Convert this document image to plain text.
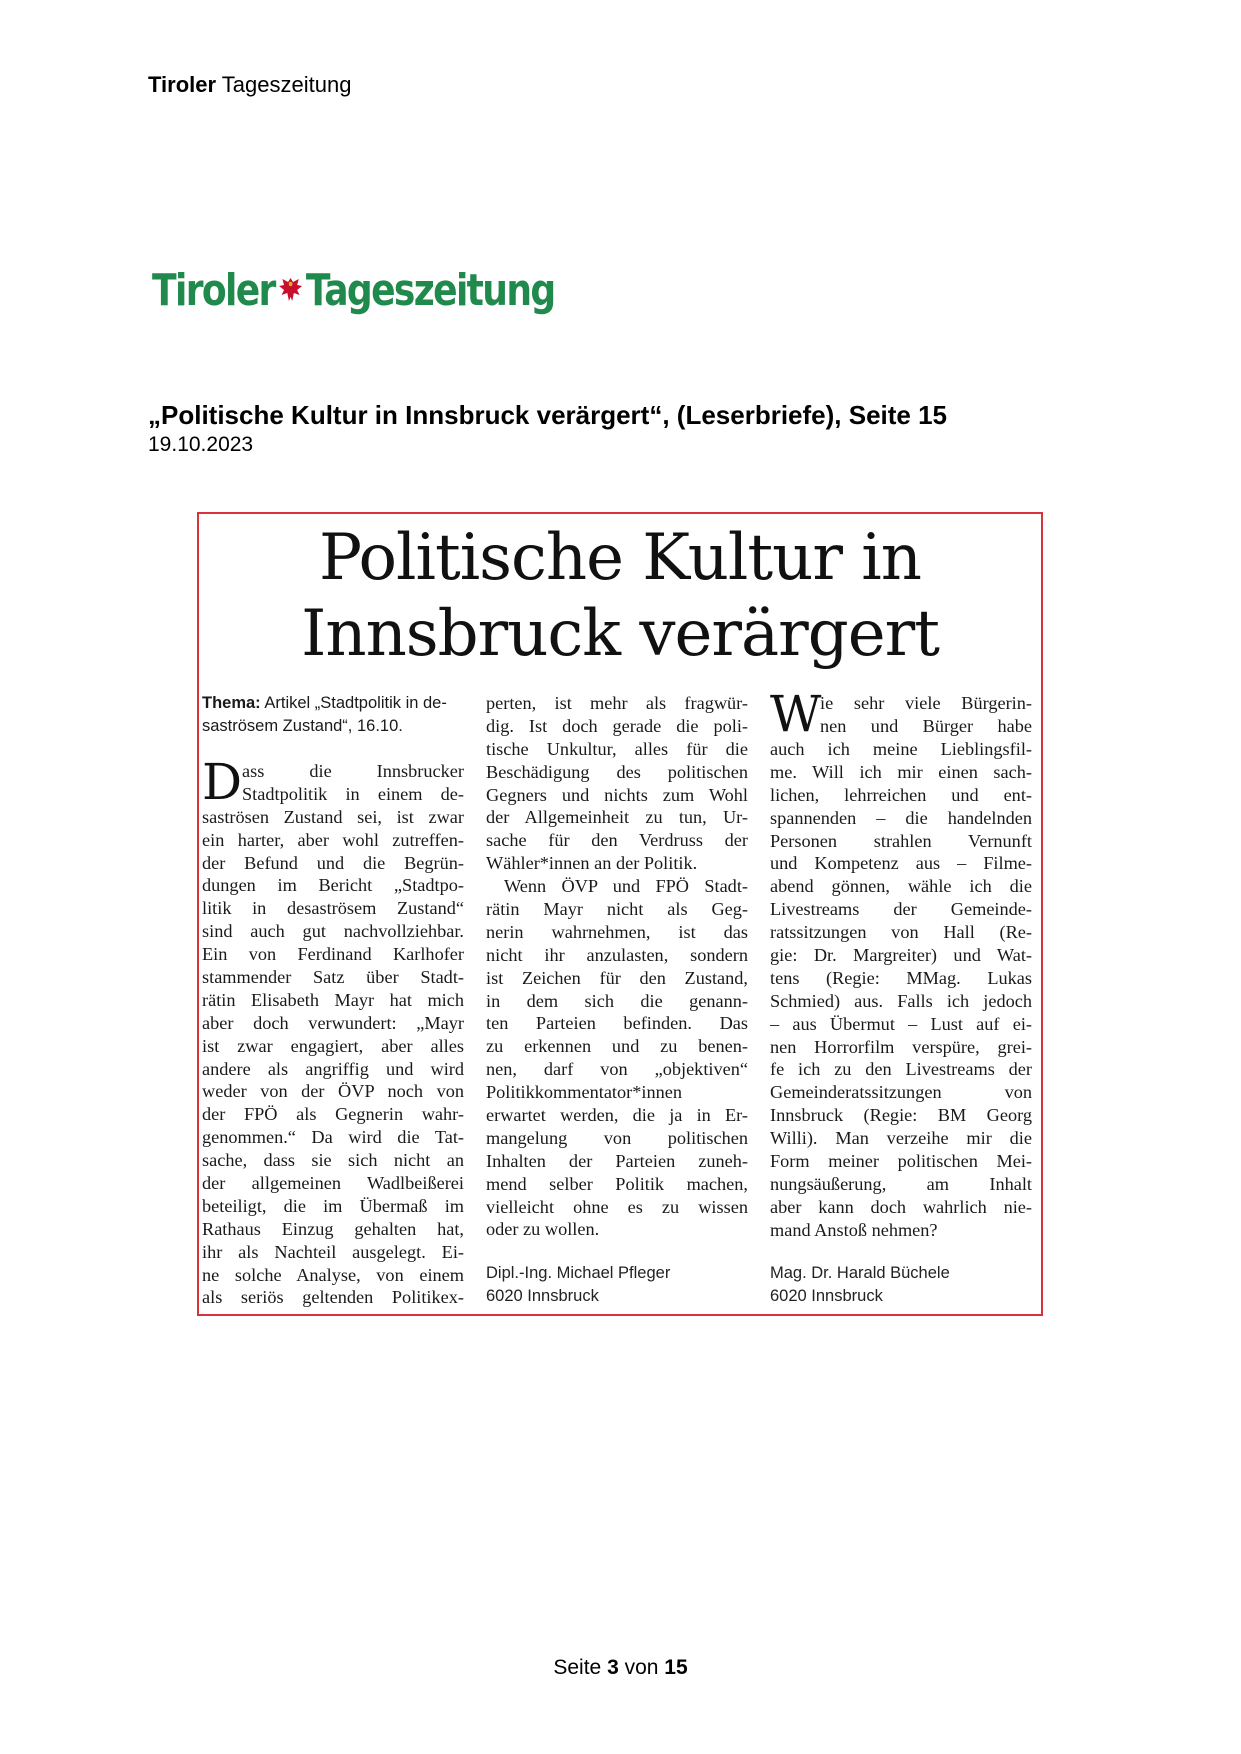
Tiroler Tageszeitung
Tiroler Tageszeitung
„Politische Kultur in Innsbruck verärgert“, (Leserbriefe), Seite 15
19.10.2023
Politische Kultur in
Innsbruck verärgert
Thema: Artikel „Stadtpolitik in de-
saströsem Zustand“, 16.10.
D ass die Innsbrucker
Stadtpolitik in einem de-
saströsen Zustand sei, ist zwar
ein harter, aber wohl zutreffen-
der Befund und die Begrün-
dungen im Bericht „Stadtpo-
litik in desaströsem Zustand“
sind auch gut nachvollziehbar.
Ein von Ferdinand Karlhofer
stammender Satz über Stadt-
rätin Elisabeth Mayr hat mich
aber doch verwundert: „Mayr
ist zwar engagiert, aber alles
andere als angriffig und wird
weder von der ÖVP noch von
der FPÖ als Gegnerin wahr-
genommen.“ Da wird die Tat-
sache, dass sie sich nicht an
der allgemeinen Wadlbeißerei
beteiligt, die im Übermaß im
Rathaus Einzug gehalten hat,
ihr als Nachteil ausgelegt. Ei-
ne solche Analyse, von einem
als seriös geltenden Politikex-
perten, ist mehr als fragwür-
dig. Ist doch gerade die poli-
tische Unkultur, alles für die
Beschädigung des politischen
Gegners und nichts zum Wohl
der Allgemeinheit zu tun, Ur-
sache für den Verdruss der
Wähler*innen an der Politik.
Wenn ÖVP und FPÖ Stadt-
rätin Mayr nicht als Geg-
nerin wahrnehmen, ist das
nicht ihr anzulasten, sondern
ist Zeichen für den Zustand,
in dem sich die genann-
ten Parteien befinden. Das
zu erkennen und zu benen-
nen, darf von „objektiven“
Politikkommentator*innen
erwartet werden, die ja in Er-
mangelung von politischen
Inhalten der Parteien zuneh-
mend selber Politik machen,
vielleicht ohne es zu wissen
oder zu wollen.
Dipl.-Ing. Michael Pfleger
6020 Innsbruck
W
ie sehr viele Bürgerin-
nen und Bürger habe
auch ich meine Lieblingsfil-
me. Will ich mir einen sach-
lichen, lehrreichen und ent-
spannenden – die handelnden
Personen strahlen Vernunft
und Kompetenz aus – Filme-
abend gönnen, wähle ich die
Livestreams der Gemeinde-
ratssitzungen von Hall (Re-
gie: Dr. Margreiter) und Wat-
tens (Regie: MMag. Lukas
Schmied) aus. Falls ich jedoch
– aus Übermut – Lust auf ei-
nen Horrorfilm verspüre, grei-
fe ich zu den Livestreams der
Gemeinderatssitzungen von
Innsbruck (Regie: BM Georg
Willi). Man verzeihe mir die
Form meiner politischen Mei-
nungsäußerung, am Inhalt
aber kann doch wahrlich nie-
mand Anstoß nehmen?
Mag. Dr. Harald Büchele
6020 Innsbruck
Seite 3 von 15
